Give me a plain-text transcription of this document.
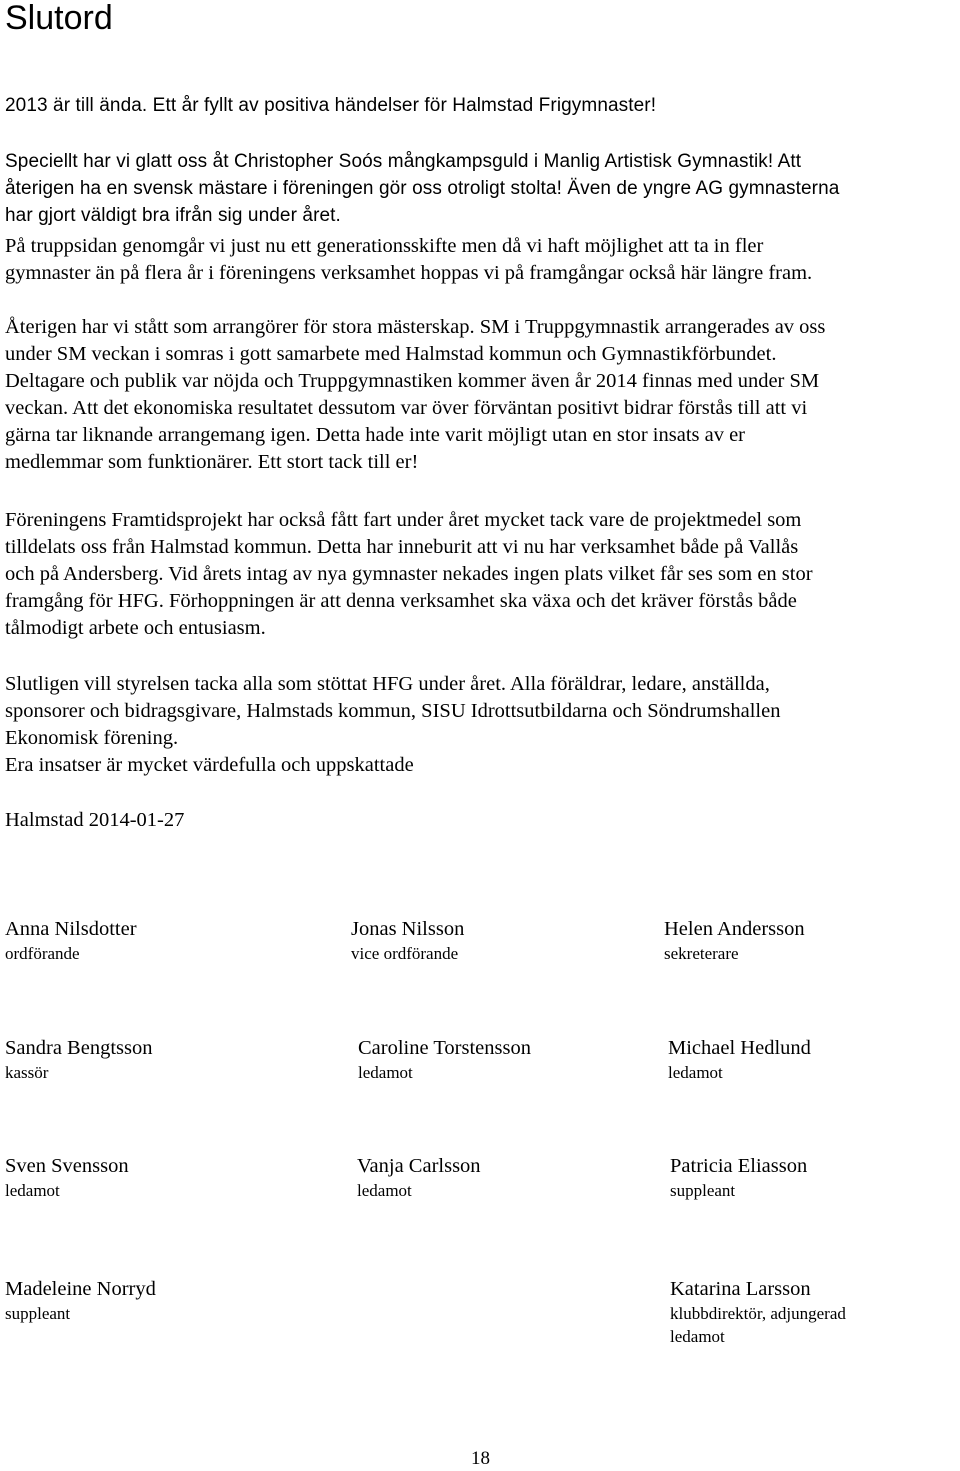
Slutord

2013 är till ända. Ett år fyllt av positiva händelser för Halmstad Frigymnaster!

Speciellt har vi glatt oss åt Christopher Soós mångkampsguld i Manlig Artistisk Gymnastik! Att
återigen ha en svensk mästare i föreningen gör oss otroligt stolta! Även de yngre AG gymnasterna
har gjort väldigt bra ifrån sig under året.

På truppsidan genomgår vi just nu ett generationsskifte men då vi haft möjlighet att ta in fler
gymnaster än på flera år i föreningens verksamhet hoppas vi på framgångar också här längre fram.

Återigen har vi stått som arrangörer för stora mästerskap. SM i Truppgymnastik arrangerades av oss
under SM veckan i somras i gott samarbete med Halmstad kommun och Gymnastikförbundet.
Deltagare och publik var nöjda och Truppgymnastiken kommer även år 2014 finnas med under SM
veckan. Att det ekonomiska resultatet dessutom var över förväntan positivt bidrar förstås till att vi
gärna tar liknande arrangemang igen. Detta hade inte varit möjligt utan en stor insats av er
medlemmar som funktionärer. Ett stort tack till er!

Föreningens Framtidsprojekt har också fått fart under året mycket tack vare de projektmedel som
tilldelats oss från Halmstad kommun. Detta har inneburit att vi nu har verksamhet både på Vallås
och på Andersberg. Vid årets intag av nya gymnaster nekades ingen plats vilket får ses som en stor
framgång för HFG. Förhoppningen är att denna verksamhet ska växa och det kräver förstås både
tålmodigt arbete och entusiasm.

Slutligen vill styrelsen tacka alla som stöttat HFG under året. Alla föräldrar, ledare, anställda,
sponsorer och bidragsgivare, Halmstads kommun, SISU Idrottsutbildarna och Söndrumshallen
Ekonomisk förening.
Era insatser är mycket värdefulla och uppskattade

Halmstad 2014-01-27

Anna Nilsdotter
ordförande
Jonas Nilsson
vice ordförande
Helen Andersson
sekreterare
Sandra Bengtsson
kassör
Caroline Torstensson
ledamot
Michael Hedlund
ledamot
Sven Svensson
ledamot
Vanja Carlsson
ledamot
Patricia Eliasson
suppleant
Madeleine Norryd
suppleant
Katarina Larsson
klubbdirektör, adjungerad
ledamot
18
